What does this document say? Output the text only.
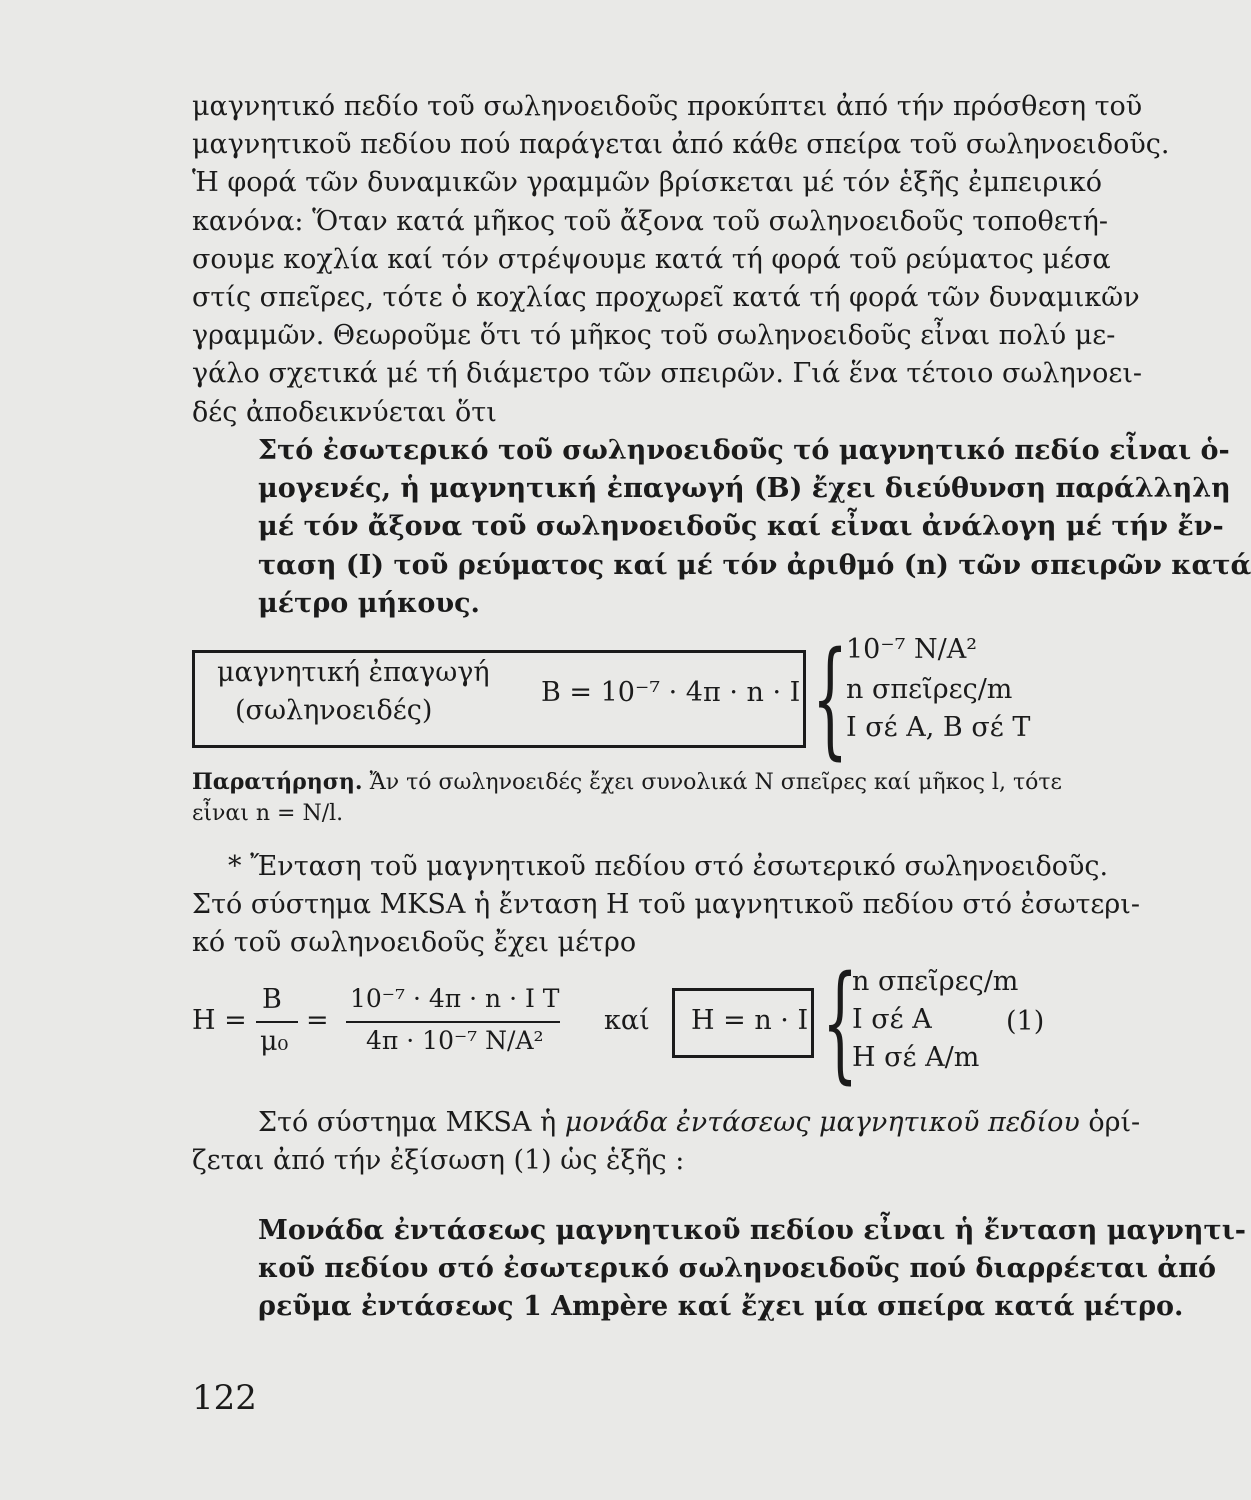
μαγνητικό πεδίο τοῦ σωληνοειδοῦς προκύπτει ἀπό τήν πρόσθεση τοῦ
μαγνητικοῦ πεδίου πού παράγεται ἀπό κάθε σπείρα τοῦ σωληνοειδοῦς.
Ἡ φορά τῶν δυναμικῶν γραμμῶν βρίσκεται μέ τόν ἑξῆς ἐμπειρικό
κανόνα: Ὅταν κατά μῆκος τοῦ ἄξονα τοῦ σωληνοειδοῦς τοποθετή-
σουμε κοχλία καί τόν στρέψουμε κατά τή φορά τοῦ ρεύματος μέσα
στίς σπεῖρες, τότε ὁ κοχλίας προχωρεῖ κατά τή φορά τῶν δυναμικῶν
γραμμῶν. Θεωροῦμε ὅτι τό μῆκος τοῦ σωληνοειδοῦς εἶναι πολύ με-
γάλο σχετικά μέ τή διάμετρο τῶν σπειρῶν. Γιά ἕνα τέτοιο σωληνοει-
δές ἀποδεικνύεται ὅτι
Στό ἐσωτερικό τοῦ σωληνοειδοῦς τό μαγνητικό πεδίο εἶναι ὁ-
μογενές, ἡ μαγνητική ἐπαγωγή (Β) ἔχει διεύθυνση παράλληλη
μέ τόν ἄξονα τοῦ σωληνοειδοῦς καί εἶναι ἀνάλογη μέ τήν ἔν-
ταση (Ι) τοῦ ρεύματος καί μέ τόν ἀριθμό (n) τῶν σπειρῶν κατά
μέτρο μήκους.
μαγνητική ἐπαγωγή
(σωληνοειδές)
B = 10⁻⁷ · 4π · n · I {
10⁻⁷ N/A²
n σπεῖρες/m
I σέ A, B σέ T
Παρατήρηση. Ἄν τό σωληνοειδές ἔχει συνολικά N σπεῖρες καί μῆκος l, τότε
εἶναι n = N/l.
* Ἔνταση τοῦ μαγνητικοῦ πεδίου στό ἐσωτερικό σωληνοειδοῦς.
Στό σύστημα MKSA ἡ ἔνταση H τοῦ μαγνητικοῦ πεδίου στό ἐσωτερι-
κό τοῦ σωληνοειδοῦς ἔχει μέτρο
H =
B
μ₀
=
10⁻⁷ · 4π · n · I T
4π · 10⁻⁷ N/A²
καί H = n · I {
n σπεῖρες/m
I σέ A
H σέ A/m
(1)
Στό σύστημα MKSA ἡ μονάδα ἐντάσεως μαγνητικοῦ πεδίου ὁρί-
ζεται ἀπό τήν ἐξίσωση (1) ὡς ἑξῆς :
Μονάδα ἐντάσεως μαγνητικοῦ πεδίου εἶναι ἡ ἔνταση μαγνητι-
κοῦ πεδίου στό ἐσωτερικό σωληνοειδοῦς πού διαρρέεται ἀπό
ρεῦμα ἐντάσεως 1 Ampère καί ἔχει μία σπείρα κατά μέτρο.
122
